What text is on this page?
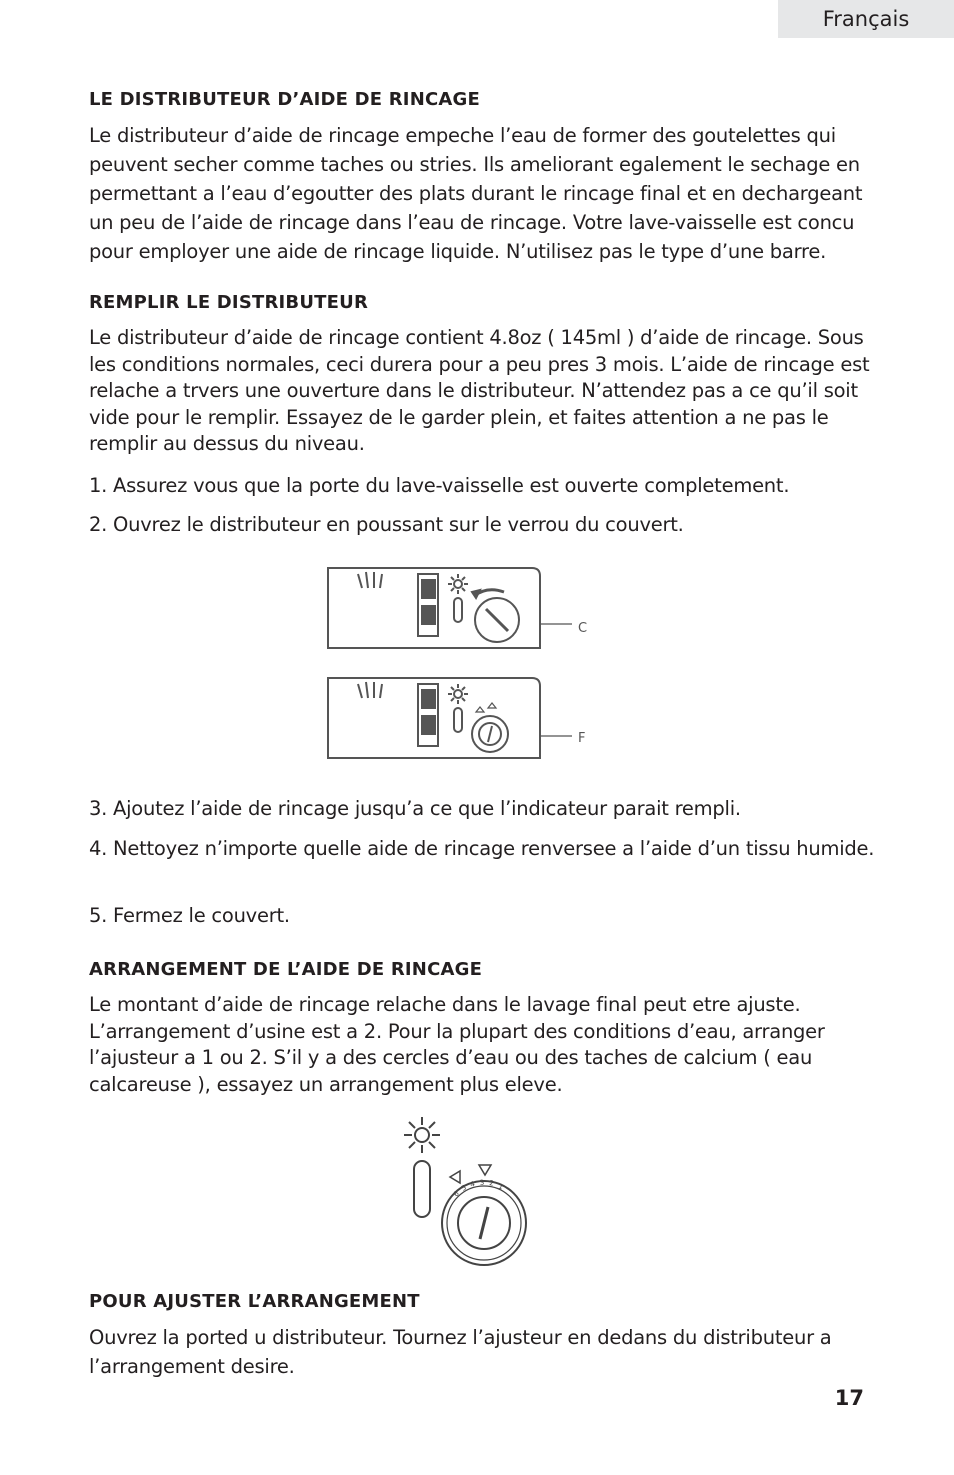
Français
LE DISTRIBUTEUR D’AIDE DE RINCAGE

Le distributeur d’aide de rincage empeche l’eau de former des goutelettes qui peuvent secher comme taches ou stries. Ils ameliorant egalement le sechage en permettant a l’eau d’egoutter des plats durant le rincage final et en dechargeant un peu de l’aide de rincage dans l’eau de rincage. Votre lave-vaisselle est concu pour employer une aide de rincage liquide. N’utilisez pas le type d’une barre.

REMPLIR LE DISTRIBUTEUR

Le distributeur d’aide de rincage contient 4.8oz ( 145ml ) d’aide de rincage. Sous les conditions normales, ceci durera pour a peu pres 3 mois. L’aide de rincage est relache a trvers une ouverture dans le distributeur. N’attendez pas a ce qu’il soit vide pour le remplir. Essayez de le garder plein, et faites attention a ne pas le remplir au dessus du niveau.

1. Assurez vous que la porte du lave-vaisselle est ouverte completement.

2. Ouvrez le distributeur en poussant sur le verrou du couvert.

C
F

3. Ajoutez l’aide de rincage jusqu’a ce que l’indicateur parait rempli.

4. Nettoyez n’importe quelle aide de rincage renversee a l’aide d’un tissu humide.

5. Fermez le couvert.

ARRANGEMENT DE L’AIDE DE RINCAGE

Le montant d’aide de rincage relache dans le lavage final peut etre ajuste. L’arrangement d’usine est a 2. Pour la plupart des conditions d’eau, arranger l’ajusteur a 1 ou 2. S’il y a des cercles d’eau ou des taches de calcium ( eau calcareuse ), essayez un arrangement plus eleve.

6
5 4 3 2 1
POUR AJUSTER L’ARRANGEMENT

Ouvrez la ported u distributeur. Tournez l’ajusteur en dedans du distributeur a l’arrangement desire.

17
